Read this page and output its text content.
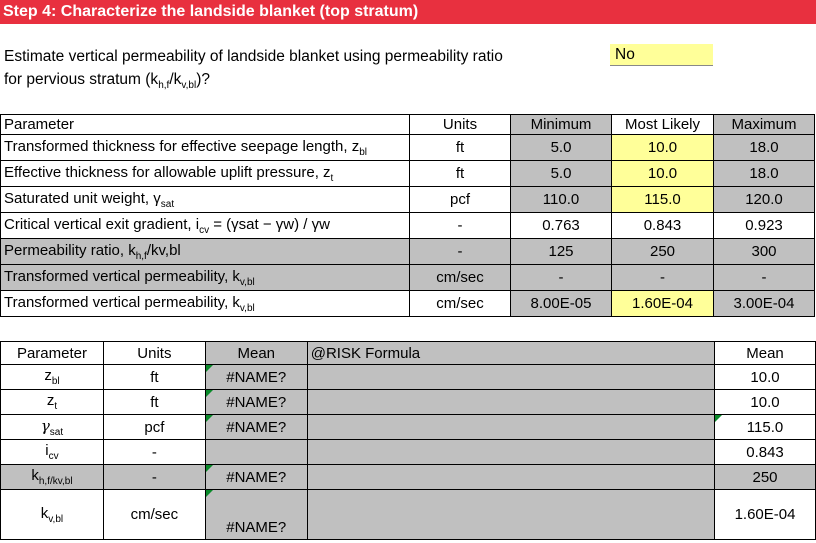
Step 4: Characterize the landside blanket (top stratum)
Estimate vertical permeability of landside blanket using permeability ratio
for pervious stratum $(k_{h,f}/k_{v,bl})$?
No
Parameter	Units	Minimum	Most Likely	Maximum
Transformed thickness for effective seepage length, $z_{bl}$	ft	5.0	10.0	18.0
Effective thickness for allowable uplift pressure, $z_t$	ft	5.0	10.0	18.0
Saturated unit weight, $\gamma_{sat}$	pcf	110.0	115.0	120.0
Critical vertical exit gradient, $i_{cv} = (\gamma sat - \gamma w) / \gamma w$	-	0.763	0.843	0.923
Permeability ratio, $k_{h,f}/kv,bl$	-	125	250	300
Transformed vertical permeability, $k_{v,bl}$	cm/sec	-	-	-
Transformed vertical permeability, $k_{v,bl}$	cm/sec	8.00E-05	1.60E-04	3.00E-04
Parameter	Units	Mean	@RISK Formula	Mean
$z_{bl}$	ft	#NAME?		10.0
$z_t$	ft	#NAME?		10.0
$\gamma_{sat}$	pcf	#NAME?		115.0
$i_{cv}$	-			0.843
$k_{h,f/kv,bl}$	-	#NAME?		250
$k_{v,bl}$	cm/sec	#NAME?		1.60E-04
